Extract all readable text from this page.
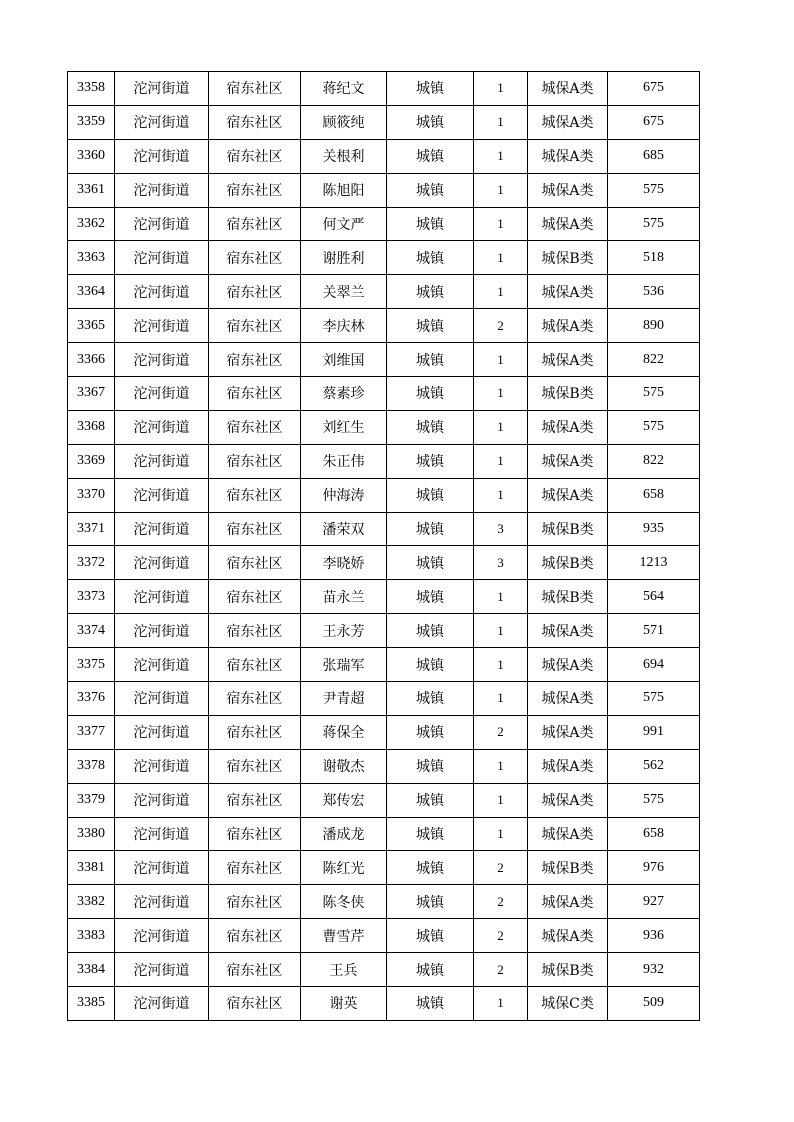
3358	沱河街道	宿东社区	蒋纪文	城镇	1	城保A类	675
3359	沱河街道	宿东社区	顾筱纯	城镇	1	城保A类	675
3360	沱河街道	宿东社区	关根利	城镇	1	城保A类	685
3361	沱河街道	宿东社区	陈旭阳	城镇	1	城保A类	575
3362	沱河街道	宿东社区	何文严	城镇	1	城保A类	575
3363	沱河街道	宿东社区	谢胜利	城镇	1	城保B类	518
3364	沱河街道	宿东社区	关翠兰	城镇	1	城保A类	536
3365	沱河街道	宿东社区	李庆林	城镇	2	城保A类	890
3366	沱河街道	宿东社区	刘维国	城镇	1	城保A类	822
3367	沱河街道	宿东社区	蔡素珍	城镇	1	城保B类	575
3368	沱河街道	宿东社区	刘红生	城镇	1	城保A类	575
3369	沱河街道	宿东社区	朱正伟	城镇	1	城保A类	822
3370	沱河街道	宿东社区	仲海涛	城镇	1	城保A类	658
3371	沱河街道	宿东社区	潘荣双	城镇	3	城保B类	935
3372	沱河街道	宿东社区	李晓娇	城镇	3	城保B类	1213
3373	沱河街道	宿东社区	苗永兰	城镇	1	城保B类	564
3374	沱河街道	宿东社区	王永芳	城镇	1	城保A类	571
3375	沱河街道	宿东社区	张瑞军	城镇	1	城保A类	694
3376	沱河街道	宿东社区	尹青超	城镇	1	城保A类	575
3377	沱河街道	宿东社区	蒋保全	城镇	2	城保A类	991
3378	沱河街道	宿东社区	谢敬杰	城镇	1	城保A类	562
3379	沱河街道	宿东社区	郑传宏	城镇	1	城保A类	575
3380	沱河街道	宿东社区	潘成龙	城镇	1	城保A类	658
3381	沱河街道	宿东社区	陈红光	城镇	2	城保B类	976
3382	沱河街道	宿东社区	陈冬侠	城镇	2	城保A类	927
3383	沱河街道	宿东社区	曹雪芹	城镇	2	城保A类	936
3384	沱河街道	宿东社区	王兵	城镇	2	城保B类	932
3385	沱河街道	宿东社区	谢英	城镇	1	城保C类	509
